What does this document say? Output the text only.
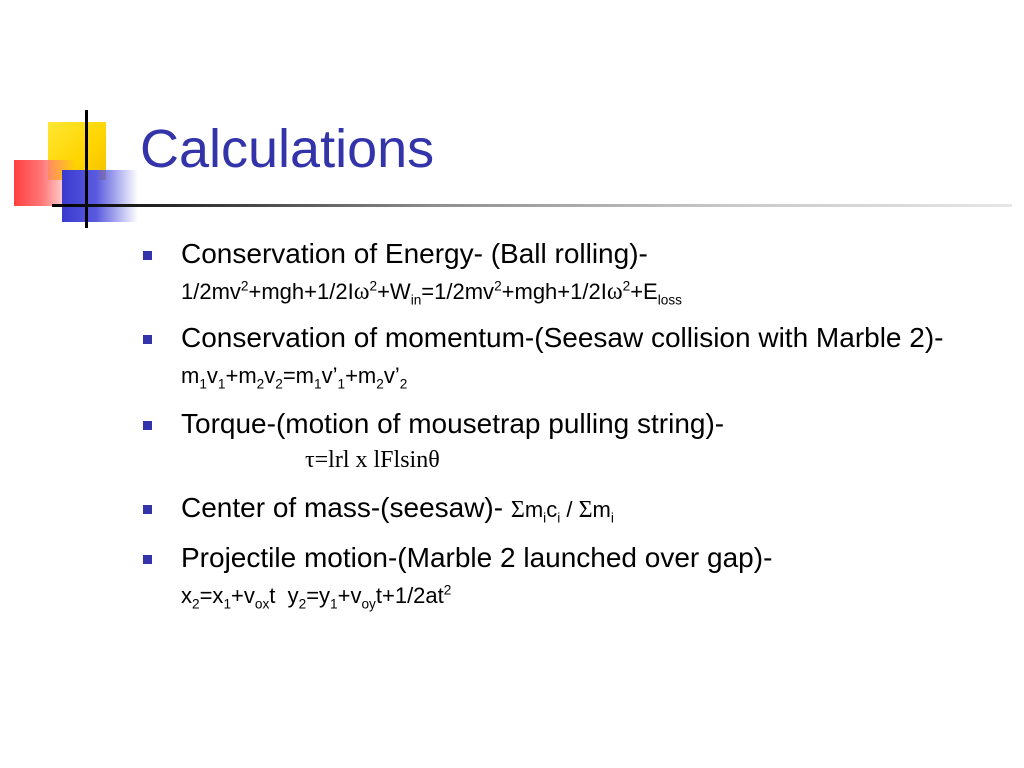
Calculations
Conservation of Energy- (Ball rolling)-
$1/2mv^2+mgh+1/2I\omega^2+W_{in}=1/2mv^2+mgh+1/2I\omega^2+E_{loss}$
Conservation of momentum-(Seesaw collision with Marble 2)- $m_1v_1+m_2v_2=m_1v’_1+m_2v’_2$
Torque-(motion of mousetrap pulling string)-
τ=lrl x lFlsinθ
Center of mass-(seesaw)- $\Sigma m_ic_i / \Sigma m_i$
Projectile motion-(Marble 2 launched over gap)-
$x_2=x_1+v_{ox}t$  $y_2=y_1+v_{oy}t+1/2at^2$
